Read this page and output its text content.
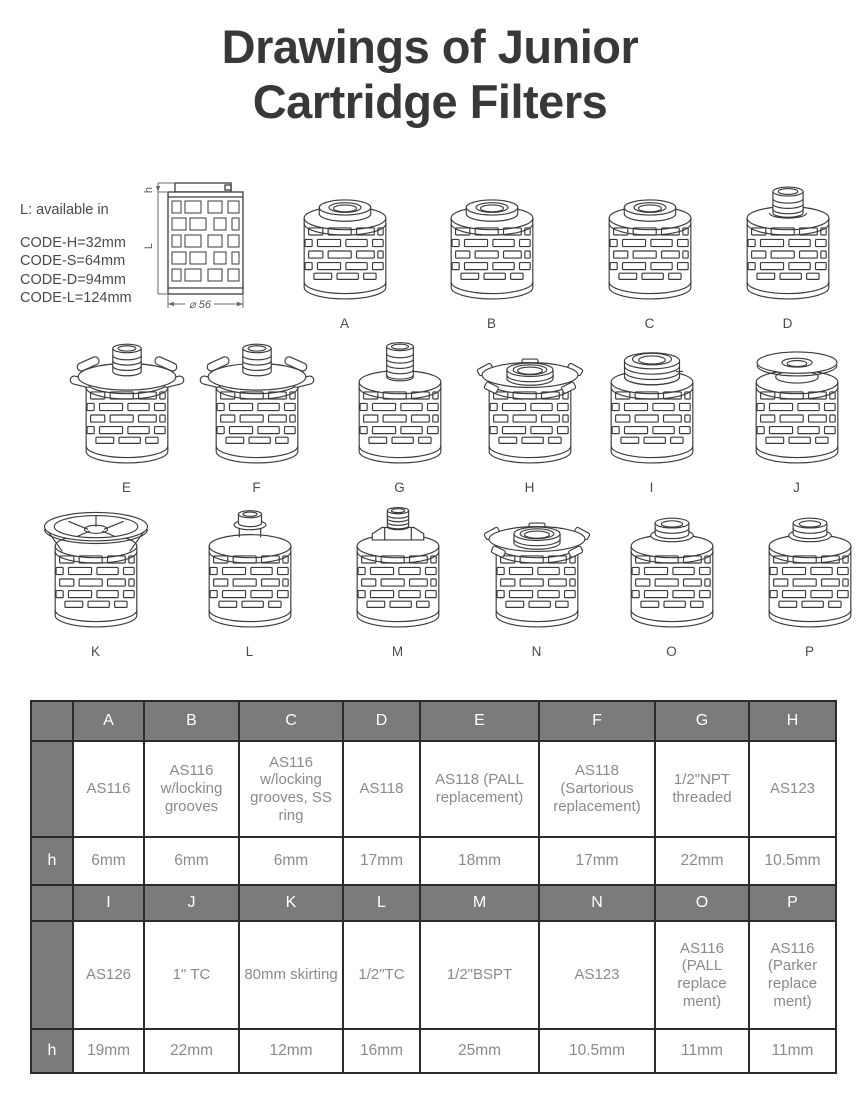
Drawings of Junior
Cartridge Filters
L: available in
CODE-H=32mm
CODE-S=64mm
CODE-D=94mm
CODE-L=124mm
h
L
⌀ 56
A	B	C	D
E	F	G	H	I	J
K	L	M	N	O	P
	A	B	C	D	E	F	G	H
	AS116	AS116 w/locking grooves	AS116 w/locking grooves, SS ring	AS118	AS118 (PALL replacement)	AS118 (Sartorious replacement)	1/2"NPT threaded	AS123
h	6mm	6mm	6mm	17mm	18mm	17mm	22mm	10.5mm
	I	J	K	L	M	N	O	P
	AS126	1" TC	80mm skirting	1/2"TC	1/2"BSPT	AS123	AS116 (PALL replace ment)	AS116 (Parker replace ment)
h	19mm	22mm	12mm	16mm	25mm	10.5mm	11mm	11mm
